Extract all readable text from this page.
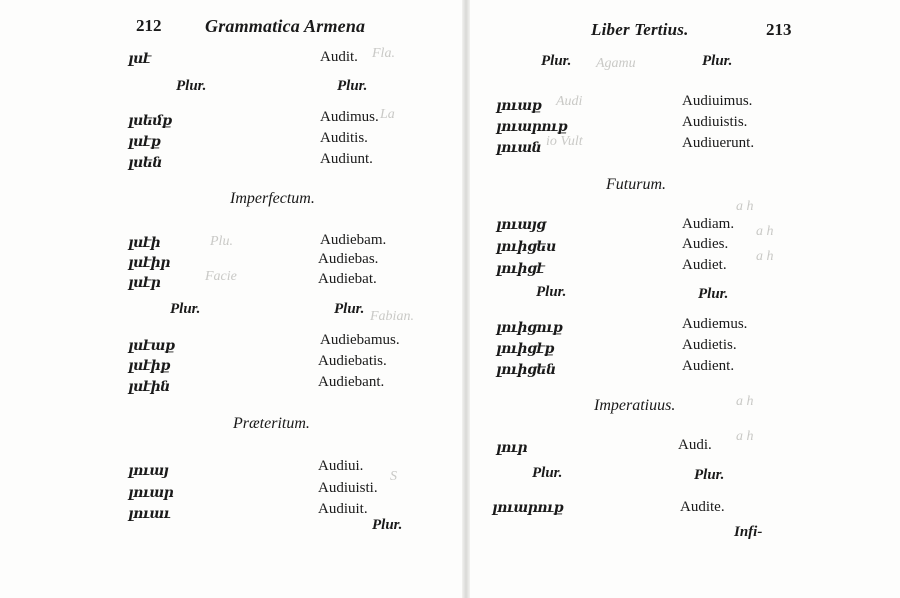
212 Grammatica Armena
Fla.
La
Plu.
Facie
Fabian.
S
լսէ	Audit.
Plur.	Plur.
լսեմք	Audimus.
լսէք	Auditis.
լսեն	Audiunt.
Imperfectum.
լսէի	Audiebam.
լսէիր	Audiebas.
լսէր	Audiebat.
Plur.	Plur.
լսէաք	Audiebamus.
լսէիք	Audiebatis.
լսէին	Audiebant.
Præteritum.
լուայ	Audiui.
լուար	Audiuisti.
լուաւ	Audiuit.
Plur.
Liber Tertius.	213
Agamu
Audi
io Vult
a h
a h
a h
a h
a h
Plur.	Plur.
լուաք	Audiuimus.
լուարուք	Audiuistis.
լուան	Audiuerunt.
Futurum.
լուայց	Audiam.
լուիցես	Audies.
լուիցէ	Audiet.
Plur.	Plur.
լուիցուք	Audiemus.
լուիցէք	Audietis.
լուիցեն	Audient.
Imperatiuus.
լուր	Audi.
Plur.	Plur.
լուարուք	Audite.
Infi-
